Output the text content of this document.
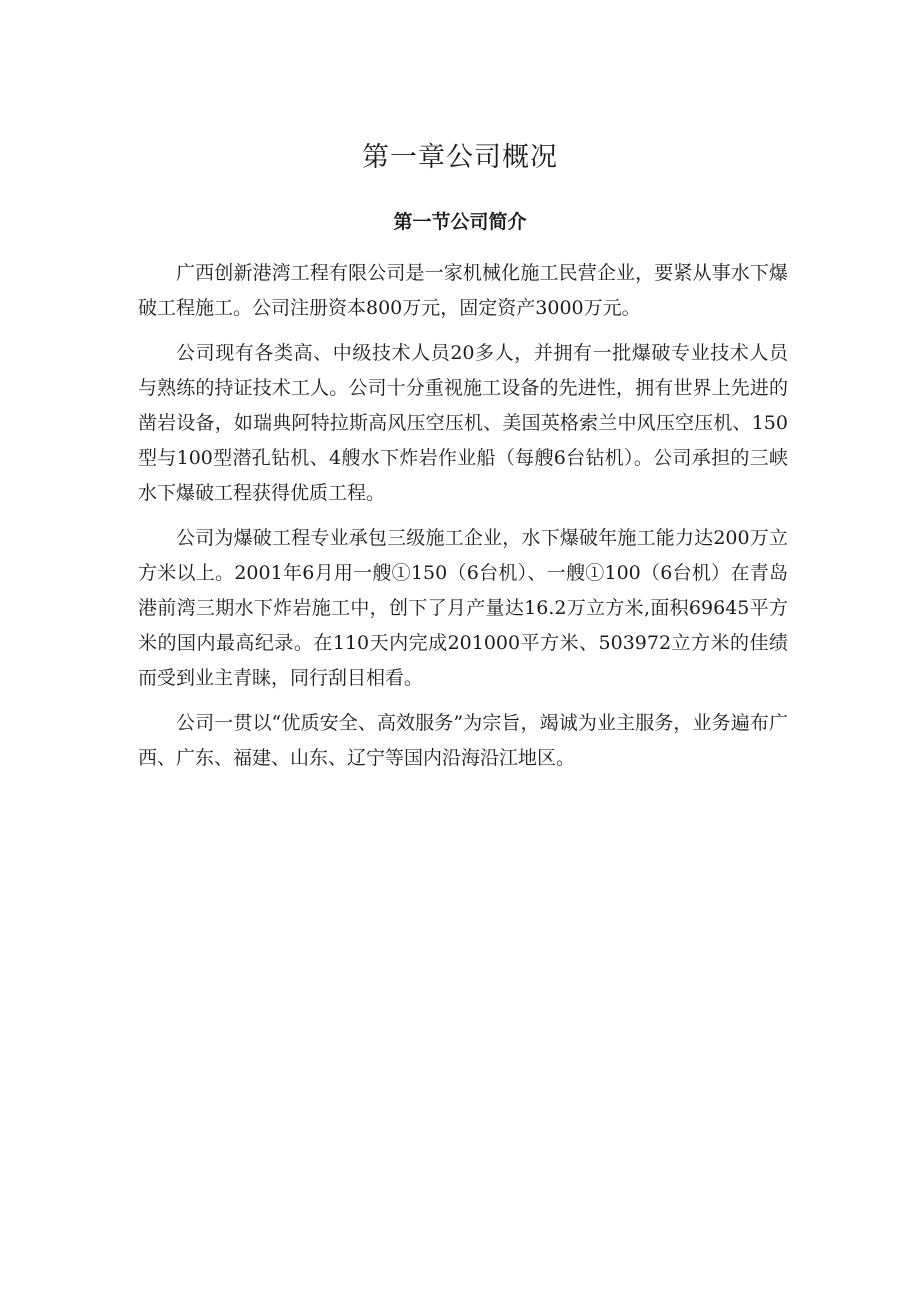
第一章公司概况
第一节公司简介

广西创新港湾工程有限公司是一家机械化施工民营企业，要紧从事水下爆破工程施工。公司注册资本800万元，固定资产3000万元。

公司现有各类高、中级技术人员20多人，并拥有一批爆破专业技术人员与熟练的持证技术工人。公司十分重视施工设备的先进性，拥有世界上先进的凿岩设备，如瑞典阿特拉斯高风压空压机、美国英格索兰中风压空压机、150型与100型潜孔钻机、4艘水下炸岩作业船（每艘6台钻机）。公司承担的三峡水下爆破工程获得优质工程。

公司为爆破工程专业承包三级施工企业，水下爆破年施工能力达200万立方米以上。2001年6月用一艘①150（6台机）、一艘①100（6台机）在青岛港前湾三期水下炸岩施工中，创下了月产量达16.2万立方米,面积69645平方米的国内最高纪录。在110天内完成201000平方米、503972立方米的佳绩而受到业主青睐，同行刮目相看。

公司一贯以“优质安全、高效服务”为宗旨，竭诚为业主服务，业务遍布广西、广东、福建、山东、辽宁等国内沿海沿江地区。
